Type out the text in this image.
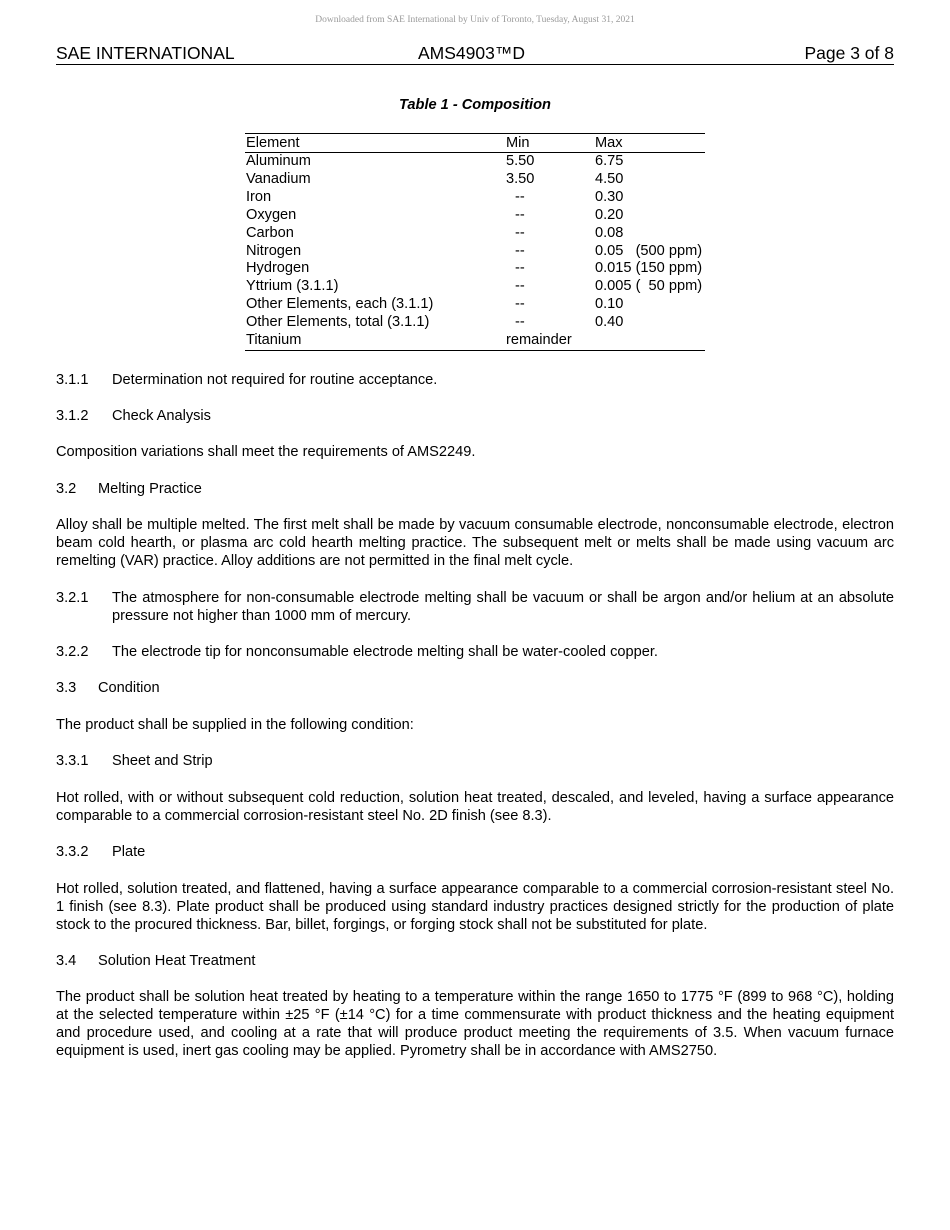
Downloaded from SAE International by Univ of Toronto, Tuesday, August 31, 2021
SAE INTERNATIONAL	AMS4903™D	Page 3 of 8
Table 1 - Composition
Element	Min	Max
Aluminum	5.50	6.75
Vanadium	3.50	4.50
Iron	--	0.30
Oxygen	--	0.20
Carbon	--	0.08
Nitrogen	--	0.05   (500 ppm)
Hydrogen	--	0.015 (150 ppm)
Yttrium (3.1.1)	--	0.005 (  50 ppm)
Other Elements, each (3.1.1)	--	0.10
Other Elements, total (3.1.1)	--	0.40
Titanium	remainder	
3.1.1 Determination not required for routine acceptance.
3.1.2 Check Analysis
Composition variations shall meet the requirements of AMS2249.
3.2 Melting Practice
Alloy shall be multiple melted. The first melt shall be made by vacuum consumable electrode, nonconsumable electrode, electron beam cold hearth, or plasma arc cold hearth melting practice. The subsequent melt or melts shall be made using vacuum arc remelting (VAR) practice. Alloy additions are not permitted in the final melt cycle.
3.2.1 The atmosphere for non-consumable electrode melting shall be vacuum or shall be argon and/or helium at an absolute pressure not higher than 1000 mm of mercury.
3.2.2 The electrode tip for nonconsumable electrode melting shall be water-cooled copper.
3.3 Condition
The product shall be supplied in the following condition:
3.3.1 Sheet and Strip
Hot rolled, with or without subsequent cold reduction, solution heat treated, descaled, and leveled, having a surface appearance comparable to a commercial corrosion-resistant steel No. 2D finish (see 8.3).
3.3.2 Plate
Hot rolled, solution treated, and flattened, having a surface appearance comparable to a commercial corrosion-resistant steel No. 1 finish (see 8.3). Plate product shall be produced using standard industry practices designed strictly for the production of plate stock to the procured thickness. Bar, billet, forgings, or forging stock shall not be substituted for plate.
3.4 Solution Heat Treatment
The product shall be solution heat treated by heating to a temperature within the range 1650 to 1775 °F (899 to 968 °C), holding at the selected temperature within ±25 °F (±14 °C) for a time commensurate with product thickness and the heating equipment and procedure used, and cooling at a rate that will produce product meeting the requirements of 3.5. When vacuum furnace equipment is used, inert gas cooling may be applied. Pyrometry shall be in accordance with AMS2750.
